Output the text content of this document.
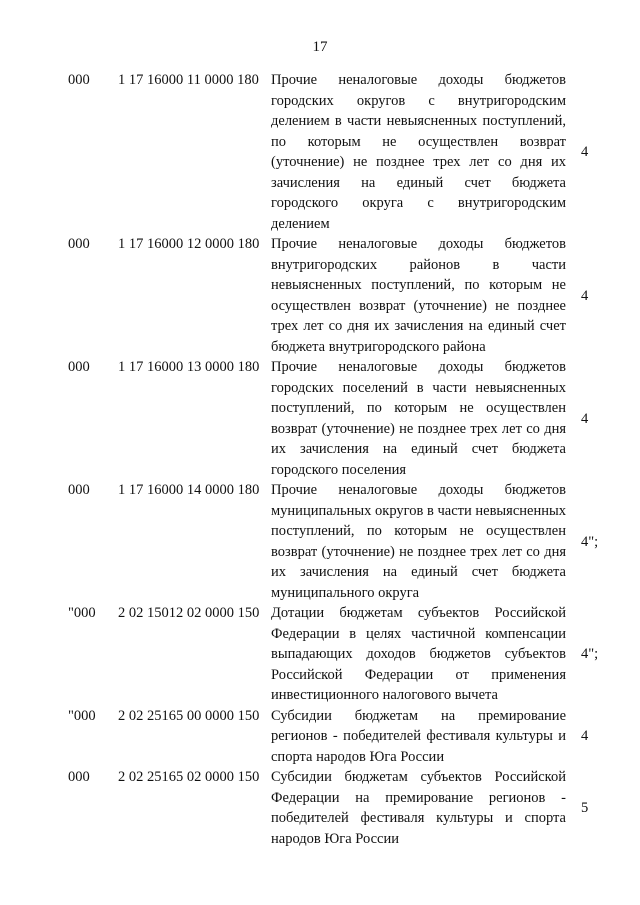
17
000 1 17 16000 11 0000 180 Прочие неналоговые доходы бюджетов городских округов с внутригородским делением в части невыясненных поступлений, по которым не осуществлен возврат (уточнение) не позднее трех лет со дня их зачисления на единый счет бюджета городского округа с внутригородским делением
4
000 1 17 16000 12 0000 180 Прочие неналоговые доходы бюджетов внутригородских районов в части невыясненных поступлений, по которым не осуществлен возврат (уточнение) не позднее трех лет со дня их зачисления на единый счет бюджета внутригородского района
4
000 1 17 16000 13 0000 180 Прочие неналоговые доходы бюджетов городских поселений в части невыясненных поступлений, по которым не осуществлен возврат (уточнение) не позднее трех лет со дня их зачисления на единый счет бюджета городского поселения
4
000 1 17 16000 14 0000 180 Прочие неналоговые доходы бюджетов муниципальных округов в части невыясненных поступлений, по которым не осуществлен возврат (уточнение) не позднее трех лет со дня их зачисления на единый счет бюджета муниципального округа
4";
"000 2 02 15012 02 0000 150 Дотации бюджетам субъектов Российской Федерации в целях частичной компенсации выпадающих доходов бюджетов субъектов Российской Федерации от применения инвестиционного налогового вычета
4";
"000 2 02 25165 00 0000 150 Субсидии бюджетам на премирование регионов - победителей фестиваля культуры и спорта народов Юга России
4
000 2 02 25165 02 0000 150 Субсидии бюджетам субъектов Российской Федерации на премирование регионов - победителей фестиваля культуры и спорта народов Юга России
5
